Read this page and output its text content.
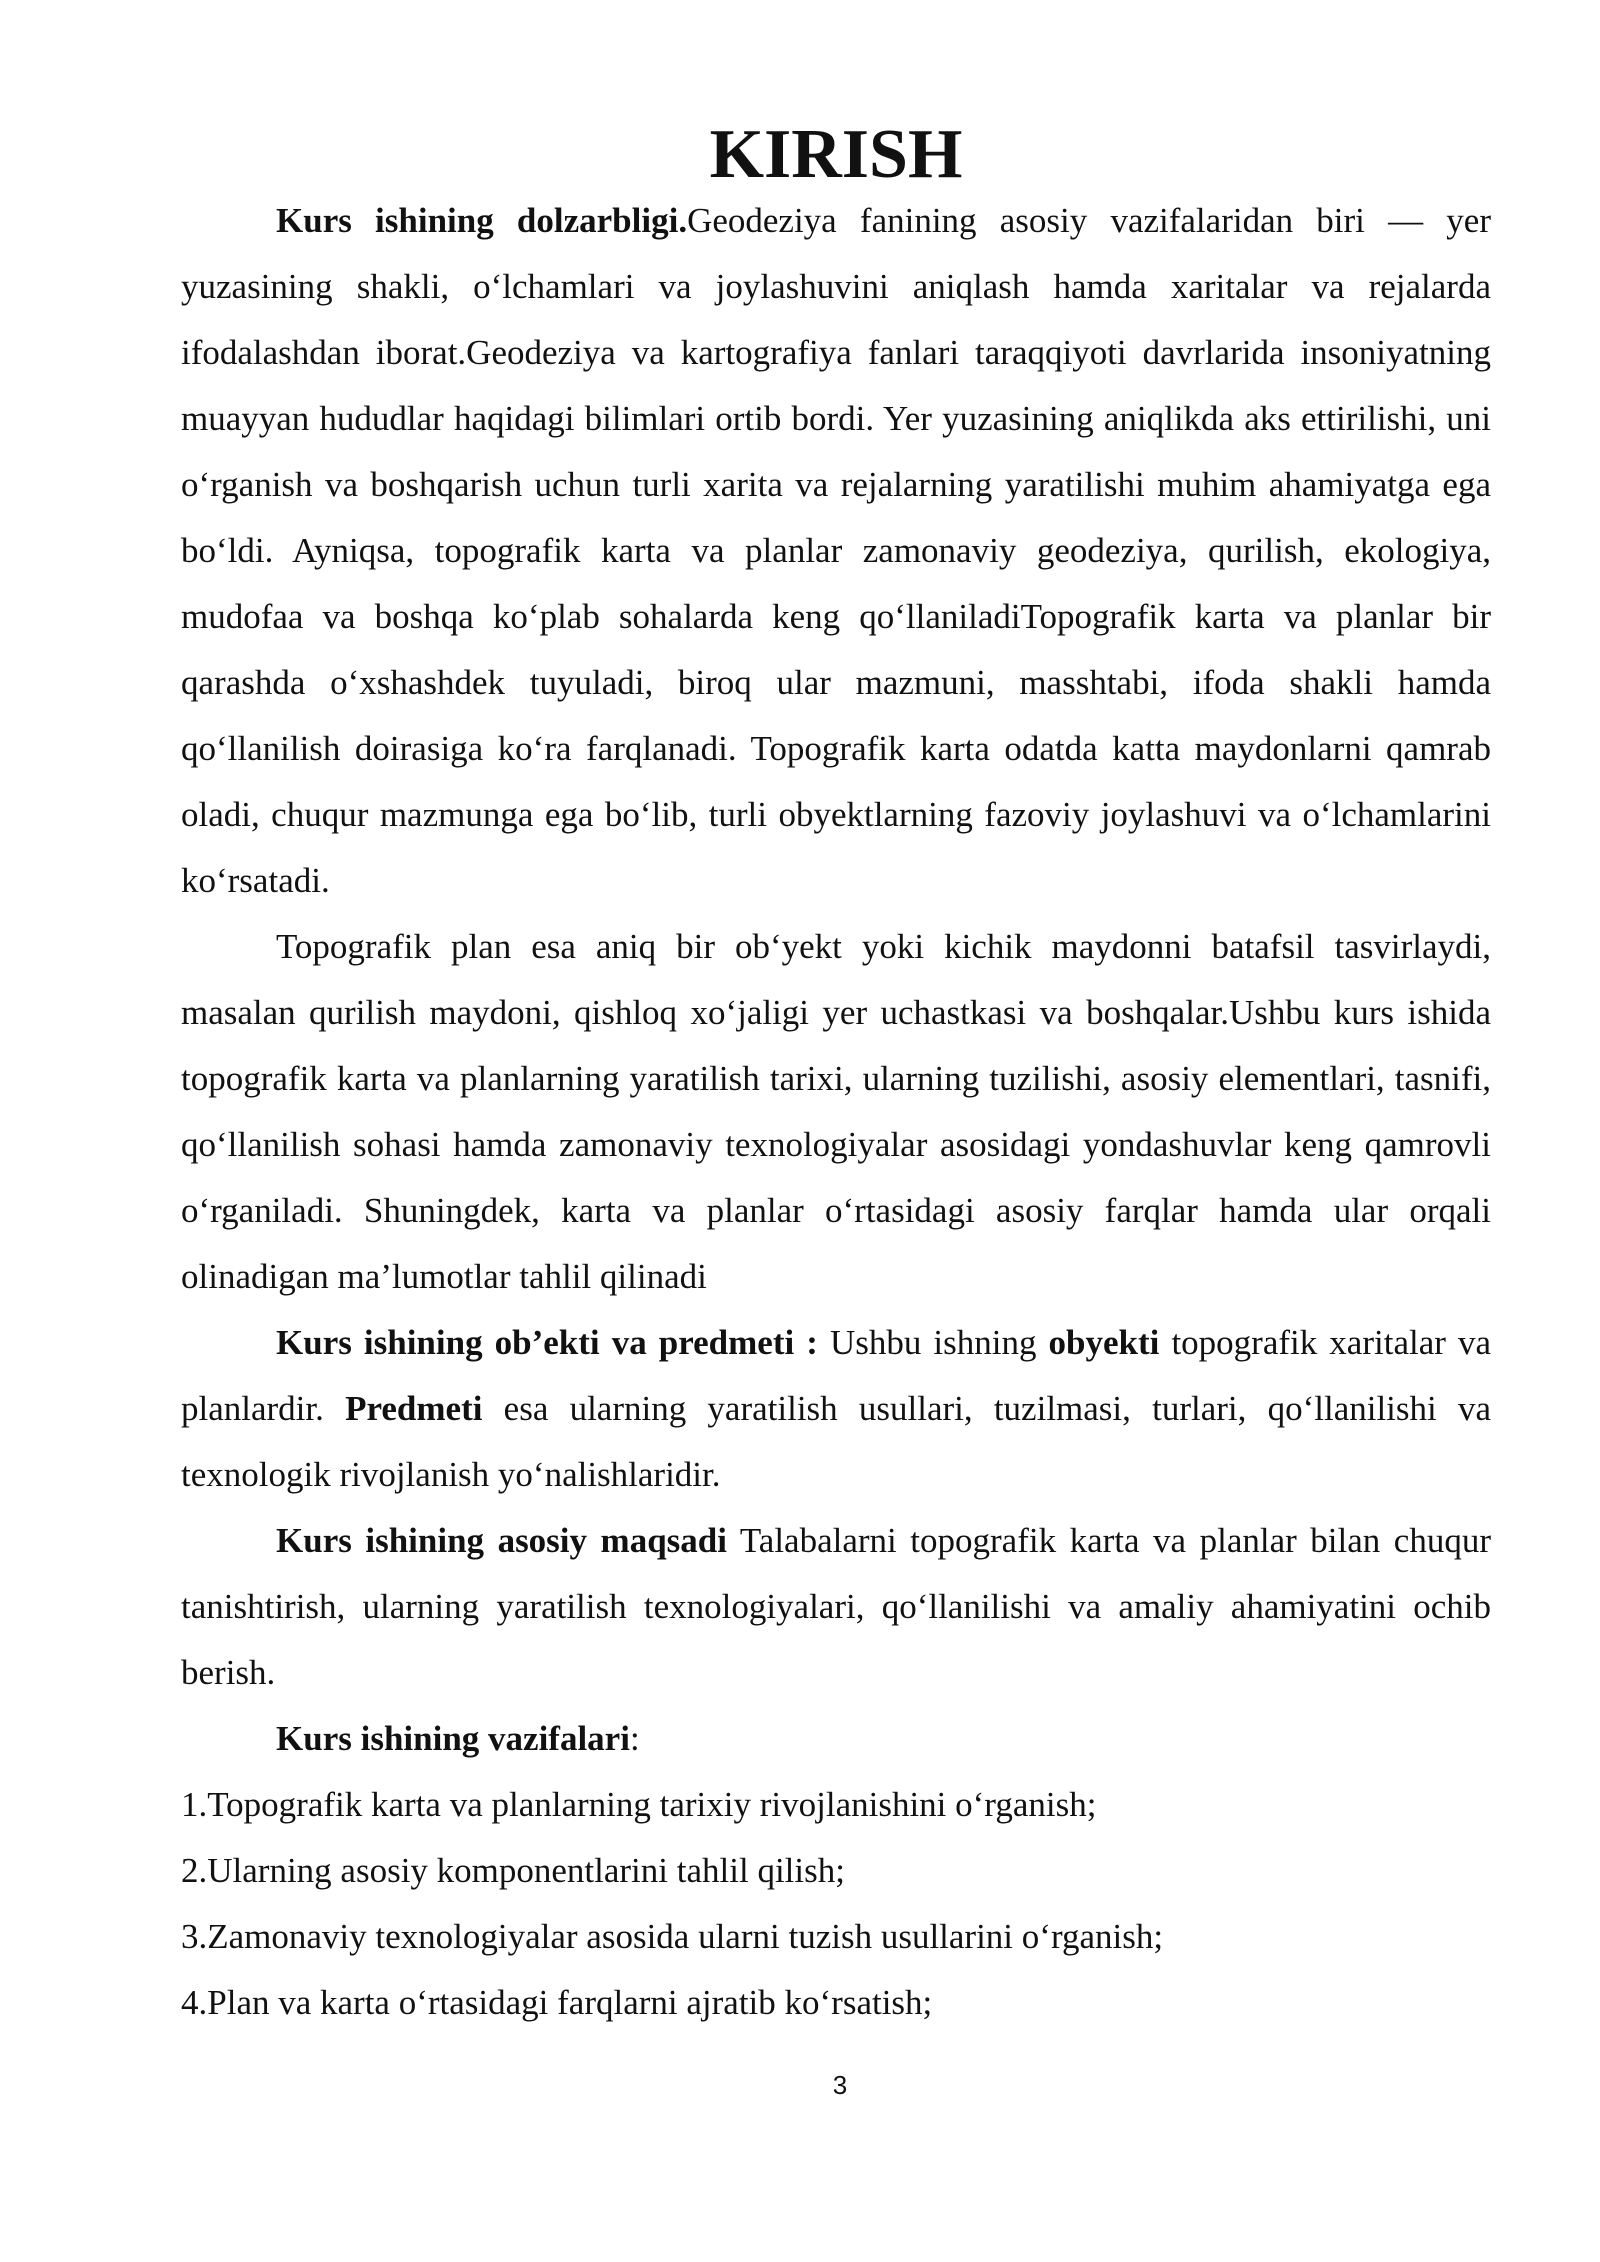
KIRISH

Kurs ishining dolzarbligi.Geodeziya fanining asosiy vazifalaridan biri — yer yuzasining shakli, o‘lchamlari va joylashuvini aniqlash hamda xaritalar va rejalarda ifodalashdan iborat.Geodeziya va kartografiya fanlari taraqqiyoti davrlarida insoniyatning muayyan hududlar haqidagi bilimlari ortib bordi. Yer yuzasining aniqlikda aks ettirilishi, uni o‘rganish va boshqarish uchun turli xarita va rejalarning yaratilishi muhim ahamiyatga ega bo‘ldi. Ayniqsa, topografik karta va planlar zamonaviy geodeziya, qurilish, ekologiya, mudofaa va boshqa ko‘plab sohalarda keng qo‘llaniladiTopografik karta va planlar bir qarashda o‘xshashdek tuyuladi, biroq ular mazmuni, masshtabi, ifoda shakli hamda qo‘llanilish doirasiga ko‘ra farqlanadi. Topografik karta odatda katta maydonlarni qamrab oladi, chuqur mazmunga ega bo‘lib, turli obyektlarning fazoviy joylashuvi va o‘lchamlarini ko‘rsatadi.

Topografik plan esa aniq bir ob‘yekt yoki kichik maydonni batafsil tasvirlaydi, masalan qurilish maydoni, qishloq xo‘jaligi yer uchastkasi va boshqalar.Ushbu kurs ishida topografik karta va planlarning yaratilish tarixi, ularning tuzilishi, asosiy elementlari, tasnifi, qo‘llanilish sohasi hamda zamonaviy texnologiyalar asosidagi yondashuvlar keng qamrovli o‘rganiladi. Shuningdek, karta va planlar o‘rtasidagi asosiy farqlar hamda ular orqali olinadigan ma’lumotlar tahlil qilinadi

Kurs ishining ob’ekti va predmeti : Ushbu ishning obyekti topografik xaritalar va planlardir. Predmeti esa ularning yaratilish usullari, tuzilmasi, turlari, qo‘llanilishi va texnologik rivojlanish yo‘nalishlaridir.

Kurs ishining asosiy maqsadi Talabalarni topografik karta va planlar bilan chuqur tanishtirish, ularning yaratilish texnologiyalari, qo‘llanilishi va amaliy ahamiyatini ochib berish.

Kurs ishining vazifalari:

1.Topografik karta va planlarning tarixiy rivojlanishini o‘rganish;

2.Ularning asosiy komponentlarini tahlil qilish;

3.Zamonaviy texnologiyalar asosida ularni tuzish usullarini o‘rganish;

4.Plan va karta o‘rtasidagi farqlarni ajratib ko‘rsatish;

3
